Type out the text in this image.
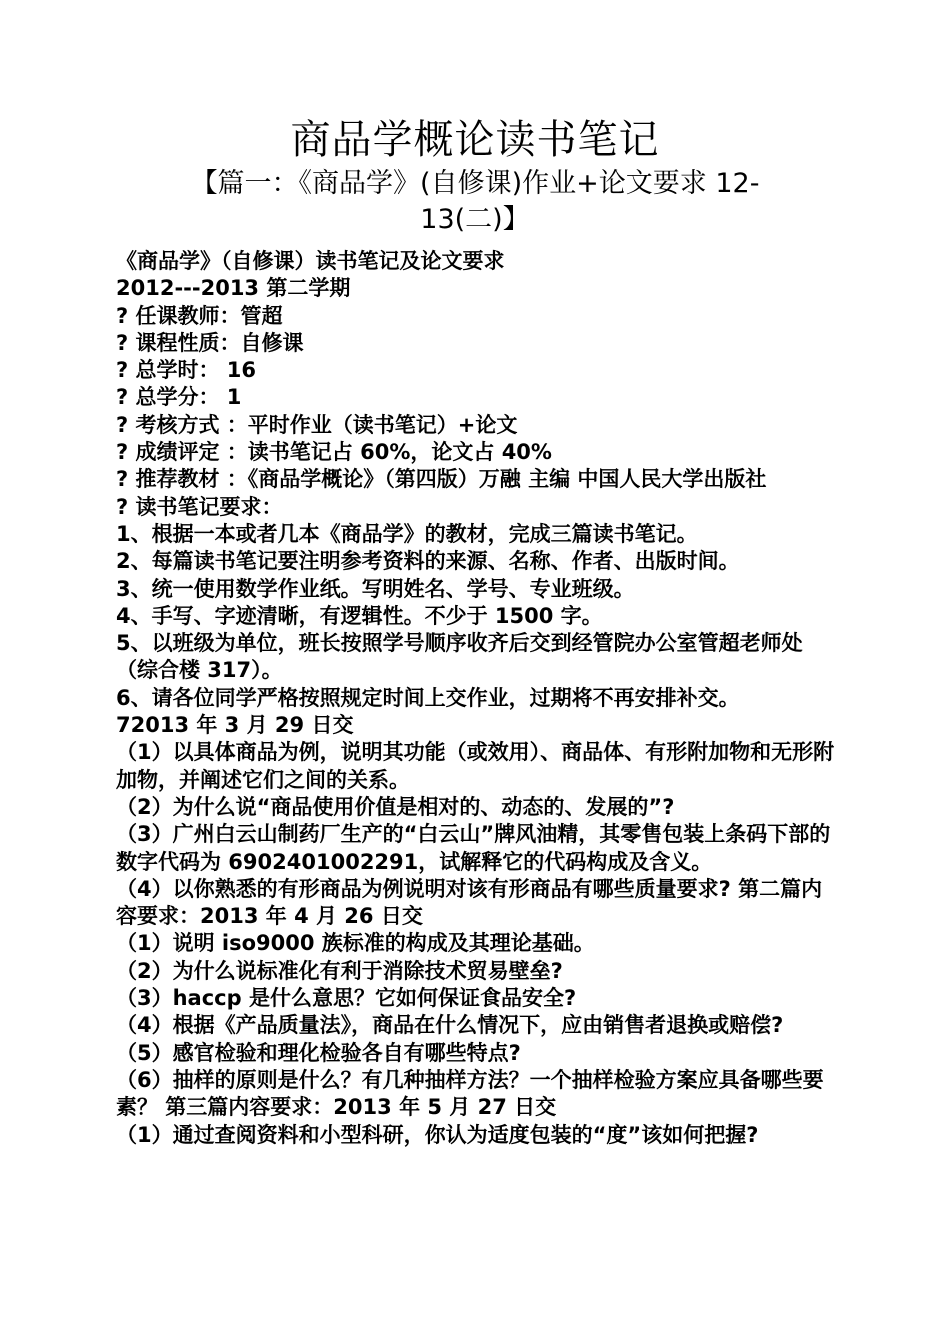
商品学概论读书笔记
【篇一：《商品学》(自修课)作业+论文要求 12-13(二)】

《商品学》（自修课）读书笔记及论文要求

2012---2013 第二学期

? 任课教师：管超

? 课程性质：自修课

? 总学时： 16

? 总学分： 1

? 考核方式 ：平时作业（读书笔记）+论文

? 成绩评定 ：读书笔记占 60%，论文占 40%

? 推荐教材 ：《商品学概论》（第四版）万融 主编 中国人民大学出版社

? 读书笔记要求：

1、根据一本或者几本《商品学》的教材，完成三篇读书笔记。

2、每篇读书笔记要注明参考资料的来源、名称、作者、出版时间。

3、统一使用数学作业纸。写明姓名、学号、专业班级。

4、手写、字迹清晰，有逻辑性。不少于 1500 字。

5、以班级为单位，班长按照学号顺序收齐后交到经管院办公室管超老师处（综合楼 317）。

6、请各位同学严格按照规定时间上交作业，过期将不再安排补交。

72013 年 3 月 29 日交

（1）以具体商品为例，说明其功能（或效用）、商品体、有形附加物和无形附加物，并阐述它们之间的关系。

（2）为什么说“商品使用价值是相对的、动态的、发展的”?

（3）广州白云山制药厂生产的“白云山”牌风油精，其零售包装上条码下部的数字代码为 6902401002291，试解释它的代码构成及含义。

（4）以你熟悉的有形商品为例说明对该有形商品有哪些质量要求? 第二篇内容要求：2013 年 4 月 26 日交

（1）说明 iso9000 族标准的构成及其理论基础。

（2）为什么说标准化有利于消除技术贸易壁垒?

（3）haccp 是什么意思？它如何保证食品安全?

（4）根据《产品质量法》，商品在什么情况下，应由销售者退换或赔偿?

（5）感官检验和理化检验各自有哪些特点?

（6）抽样的原则是什么？有几种抽样方法？一个抽样检验方案应具备哪些要素？ 第三篇内容要求：2013 年 5 月 27 日交

（1）通过查阅资料和小型科研，你认为适度包装的“度”该如何把握?
